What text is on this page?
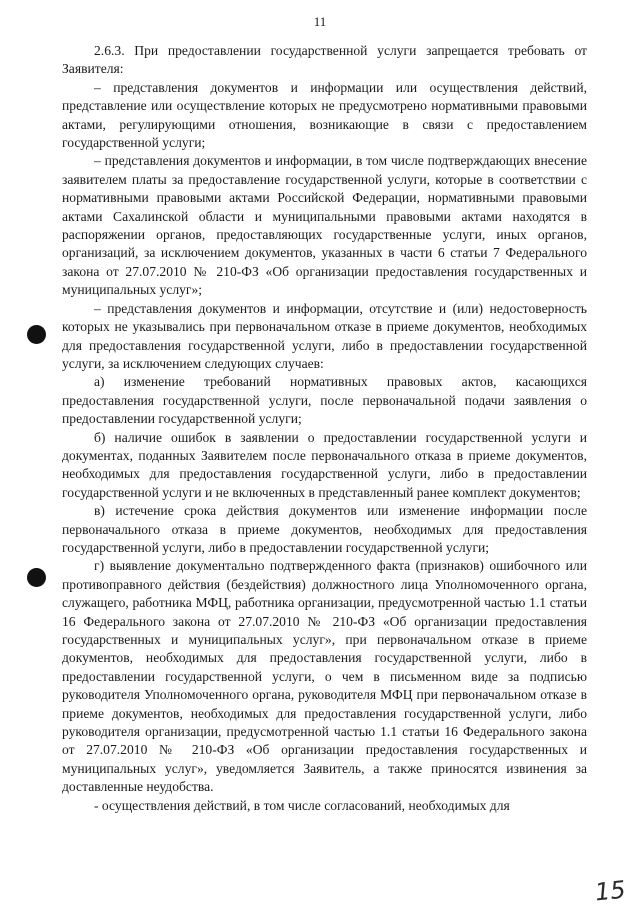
11

2.6.3. При предоставлении государственной услуги запрещается требовать от Заявителя:

– представления документов и информации или осуществления действий, представление или осуществление которых не предусмотрено нормативными правовыми актами, регулирующими отношения, возникающие в связи с предоставлением государственной услуги;

– представления документов и информации, в том числе подтверждающих внесение заявителем платы за предоставление государственной услуги, которые в соответствии с нормативными правовыми актами Российской Федерации, нормативными правовыми актами Сахалинской области и муниципальными правовыми актами находятся в распоряжении органов, предоставляющих государственные услуги, иных органов, организаций, за исключением документов, указанных в части 6 статьи 7 Федерального закона от 27.07.2010 № 210-ФЗ «Об организации предоставления государственных и муниципальных услуг»;

– представления документов и информации, отсутствие и (или) недостоверность которых не указывались при первоначальном отказе в приеме документов, необходимых для предоставления государственной услуги, либо в предоставлении государственной услуги, за исключением следующих случаев:

а) изменение требований нормативных правовых актов, касающихся предоставления государственной услуги, после первоначальной подачи заявления о предоставлении государственной услуги;

б) наличие ошибок в заявлении о предоставлении государственной услуги и документах, поданных Заявителем после первоначального отказа в приеме документов, необходимых для предоставления государственной услуги, либо в предоставлении государственной услуги и не включенных в представленный ранее комплект документов;

в) истечение срока действия документов или изменение информации после первоначального отказа в приеме документов, необходимых для предоставления государственной услуги, либо в предоставлении государственной услуги;

г) выявление документально подтвержденного факта (признаков) ошибочного или противоправного действия (бездействия) должностного лица Уполномоченного органа, служащего, работника МФЦ, работника организации, предусмотренной частью 1.1 статьи 16 Федерального закона от 27.07.2010 № 210-ФЗ «Об организации предоставления государственных и муниципальных услуг», при первоначальном отказе в приеме документов, необходимых для предоставления государственной услуги, либо в предоставлении государственной услуги, о чем в письменном виде за подписью руководителя Уполномоченного органа, руководителя МФЦ при первоначальном отказе в приеме документов, необходимых для предоставления государственной услуги, либо руководителя организации, предусмотренной частью 1.1 статьи 16 Федерального закона от 27.07.2010 № 210-ФЗ «Об организации предоставления государственных и муниципальных услуг», уведомляется Заявитель, а также приносятся извинения за доставленные неудобства.

- осуществления действий, в том числе согласований, необходимых для

15
